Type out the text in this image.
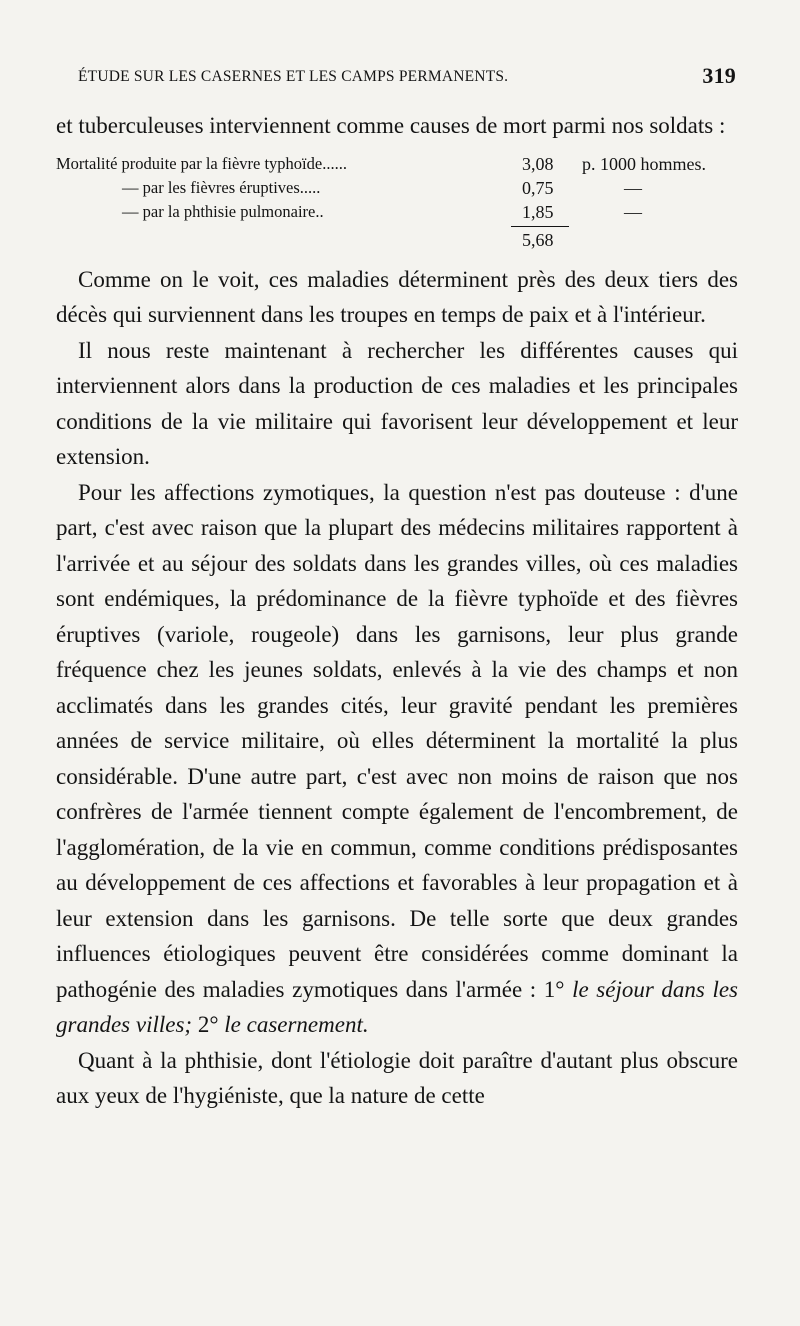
ÉTUDE SUR LES CASERNES ET LES CAMPS PERMANENTS.	319

et tuberculeuses interviennent comme causes de mort parmi nos soldats :

Mortalité produite par la fièvre typhoïde......	3,08 p. 1000 hommes.
— par les fièvres éruptives.....	0,75	—
— par la phthisie pulmonaire..	1,85	—
5,68

Comme on le voit, ces maladies déterminent près des deux tiers des décès qui surviennent dans les troupes en temps de paix et à l'intérieur.

Il nous reste maintenant à rechercher les différentes causes qui interviennent alors dans la production de ces maladies et les principales conditions de la vie militaire qui favorisent leur développement et leur extension.

Pour les affections zymotiques, la question n'est pas douteuse : d'une part, c'est avec raison que la plupart des médecins militaires rapportent à l'arrivée et au séjour des soldats dans les grandes villes, où ces maladies sont endémiques, la prédominance de la fièvre typhoïde et des fièvres éruptives (variole, rougeole) dans les garnisons, leur plus grande fréquence chez les jeunes soldats, enlevés à la vie des champs et non acclimatés dans les grandes cités, leur gravité pendant les premières années de service militaire, où elles déterminent la mortalité la plus considérable. D'une autre part, c'est avec non moins de raison que nos confrères de l'armée tiennent compte également de l'encombrement, de l'agglomération, de la vie en commun, comme conditions prédisposantes au développement de ces affections et favorables à leur propagation et à leur extension dans les garnisons. De telle sorte que deux grandes influences étiologiques peuvent être considérées comme dominant la pathogénie des maladies zymotiques dans l'armée : 1° le séjour dans les grandes villes; 2° le casernement.

Quant à la phthisie, dont l'étiologie doit paraître d'autant plus obscure aux yeux de l'hygiéniste, que la nature de cette
